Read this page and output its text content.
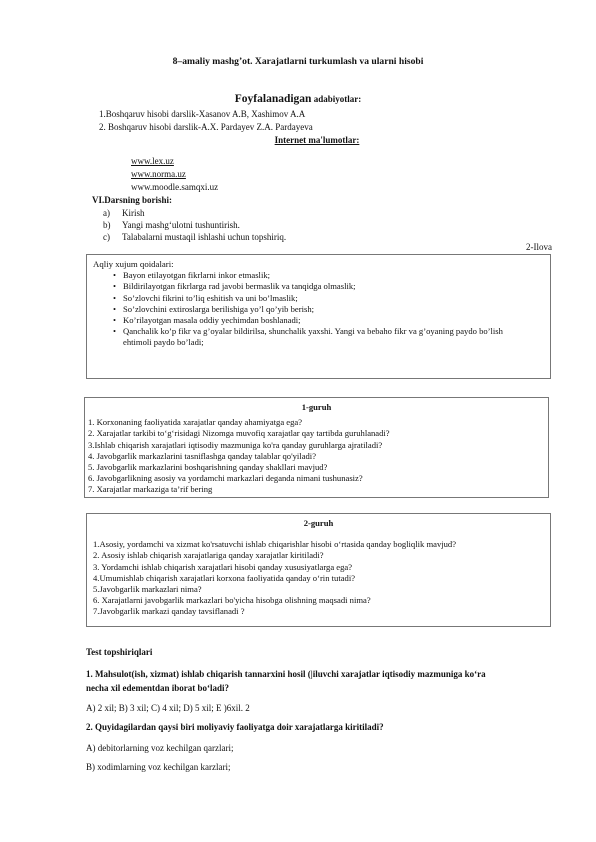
8–amaliy mashg’ot. Xarajatlarni turkumlash va ularni hisobi
Foyfalanadigan adabiyotlar:
1.Boshqaruv hisobi darslik-Xasanov A.B, Xashimov A.A
2. Boshqaruv hisobi darslik-A.X. Pardayev Z.A. Pardayeva
Internet ma'lumotlar:
www.lex.uz
www.norma.uz
www.moodle.samqxi.uz
VI.Darsning borishi:
a) Kirish
b) Yangi mashg‘ulotni tushuntirish.
c) Talabalarni mustaqil ishlashi uchun topshiriq.
2-Ilova
Aqliy xujum qoidalari:
• Bayon etilayotgan fikrlarni inkor etmaslik;
• Bildirilayotgan fikrlarga rad javobi bermaslik va tanqidga olmaslik;
• So’zlovchi fikrini to’liq eshitish va uni bo’lmaslik;
• So’zlovchini extiroslarga berilishiga yo’l qo’yib berish;
• Ko’rilayotgan masala oddiy yechimdan boshlanadi;
• Qanchalik ko’p fikr va g’oyalar bildirilsa, shunchalik yaxshi. Yangi va bebaho fikr va g’oyaning paydo bo’lish ehtimoli paydo bo’ladi;
1-guruh
1. Korxonaning faoliyatida xarajatlar qanday ahamiyatga ega?
2. Xarajatlar tarkibi to‘g‘risidagi Nizomga muvofiq xarajatlar qay tartibda guruhlanadi?
3.Ishlab chiqarish xarajatlari iqtisodiy mazmuniga ko'ra qanday guruhlarga ajratiladi?
4. Javobgarlik markazlarini tasniflashga qanday talablar qo'yiladi?
5. Javobgarlik markazlarini boshqarishning qanday shakllari mavjud?
6. Javobgarlikning asosiy va yordamchi markazlari deganda nimani tushunasiz?
7. Xarajatlar markaziga ta’rif bering
2-guruh
1.Asosiy, yordamchi va xizmat ko'rsatuvchi ishlab chiqarishlar hisobi o‘rtasida qanday bogliqlik mavjud?
2. Asosiy ishlab chiqarish xarajatlariga qanday xarajatlar kiritiladi?
3. Yordamchi ishlab chiqarish xarajatlari hisobi qanday xususiyatlarga ega?
4.Umumishlab chiqarish xarajatlari korxona faoliyatida qanday o‘rin tutadi?
5.Javobgarlik markazlari nima?
6. Xarajatlarni javobgarlik markazlari bo'yicha hisobga olishning maqsadi nima?
7.Javobgarlik markazi qanday tavsiflanadi ?
Test topshiriqlari
1. Mahsulot(ish, xizmat) ishlab chiqarish tannarxini hosil (|iluvchi xarajatlar iqtisodiy mazmuniga ko‘ra
necha xil edementdan iborat bo‘ladi?
A) 2 xil; B) 3 xil; C) 4 xil; D) 5 xil; E )6xil. 2
2. Quyidagilardan qaysi biri moliyaviy faoliyatga doir xarajatlarga kiritiladi?
A) debitorlarning voz kechilgan qarzlari;
B) xodimlarning voz kechilgan karzlari;
